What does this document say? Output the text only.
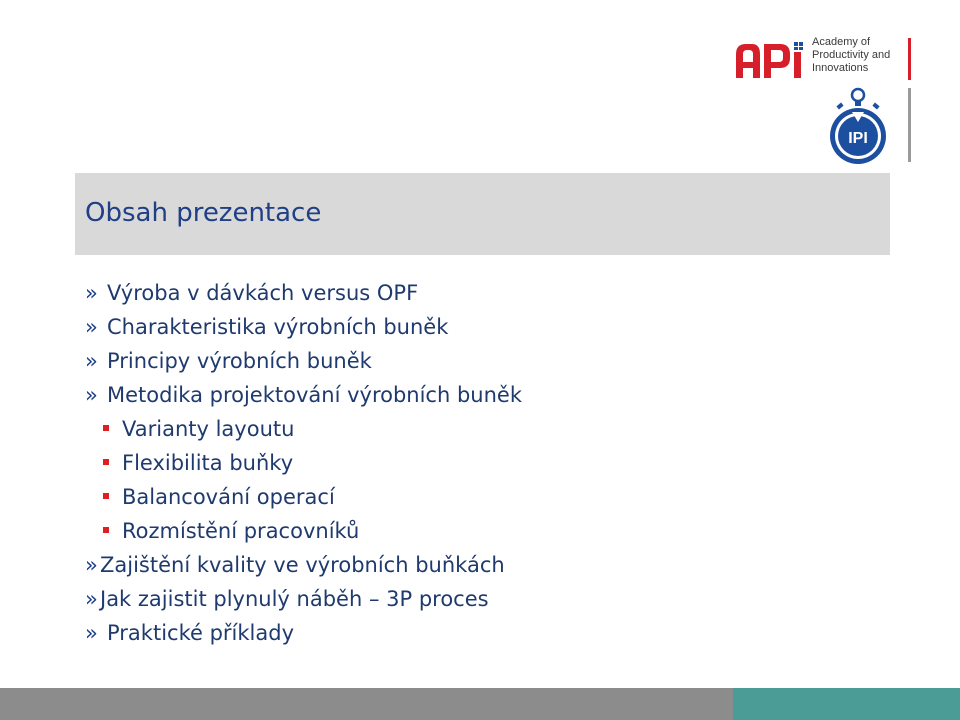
Academy of
Productivity and
Innovations
IPI
Obsah prezentace
» Výroba v dávkách versus OPF
» Charakteristika výrobních buněk
» Principy výrobních buněk
» Metodika projektování výrobních buněk
Varianty layoutu
Flexibilita buňky
Balancování operací
Rozmístění pracovníků
» Zajištění kvality ve výrobních buňkách
» Jak zajistit plynulý náběh – 3P proces
» Praktické příklady
